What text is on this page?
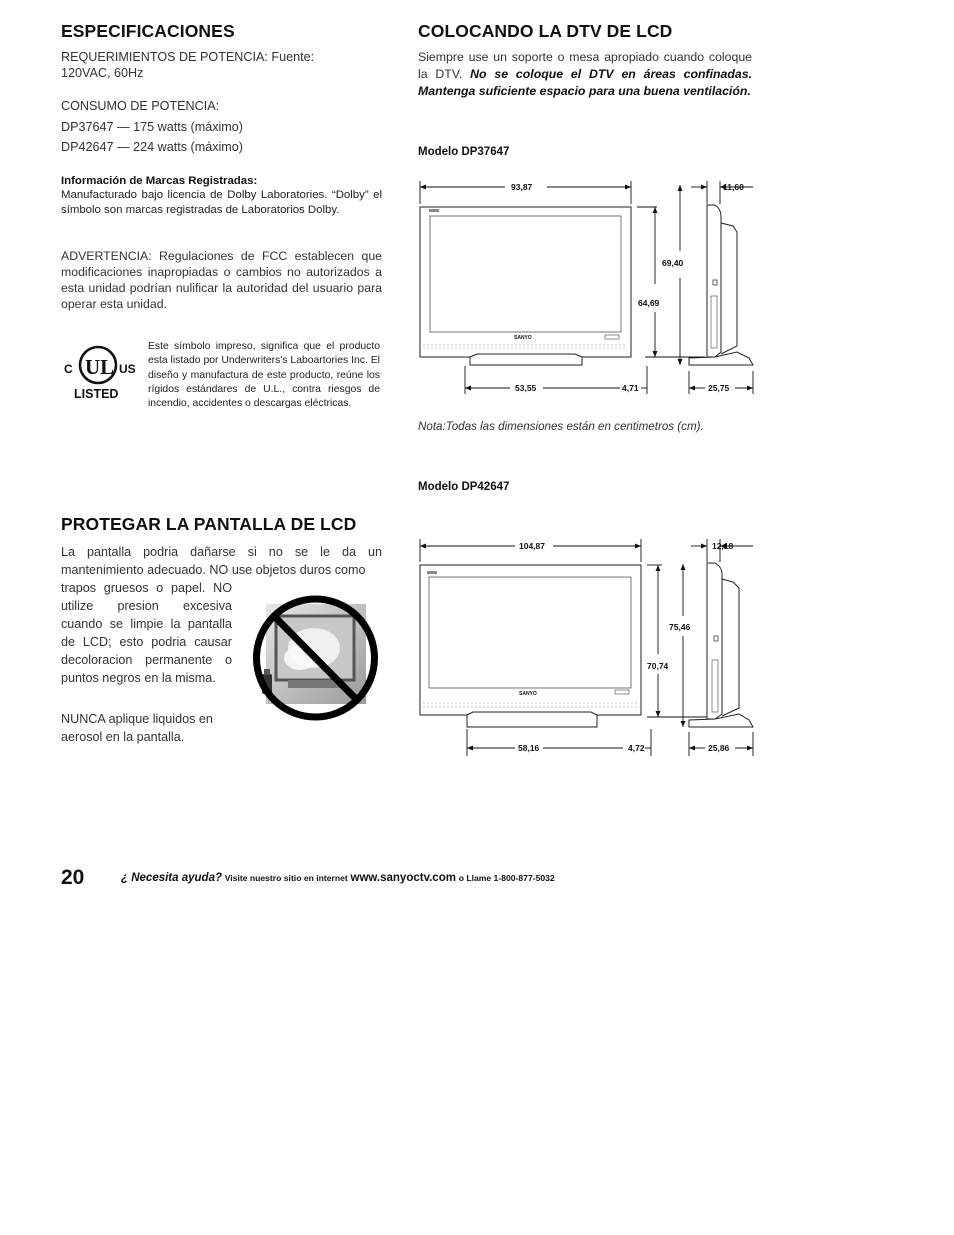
ESPECIFICACIONES
REQUERIMIENTOS DE POTENCIA: Fuente:
120VAC, 60Hz
CONSUMO DE POTENCIA:
DP37647 — 175 watts (máximo)
DP42647 — 224 watts (máximo)
Información de Marcas Registradas:
Manufacturado bajo licencia de Dolby Laboratories. “Dolby” el símbolo son marcas registradas de Laboratorios Dolby.
ADVERTENCIA: Regulaciones de FCC establecen que modificaciones inapropiadas o cambios no autorizados a esta unidad podrían nulificar la autoridad del usuario para operar esta unidad.
UL
C	US
LISTED
Este símbolo impreso, significa que el producto esta listado por Underwriters's Laboartories Inc. El diseño y manufactura de este producto, reúne los rígidos estándares de U.L., contra riesgos de incendio, accidentes o descargas eléctricas.
PROTEGAR LA PANTALLA DE LCD
La pantalla podria dañarse si no se le da un mantenimiento adecuado. NO use objetos duros como
trapos gruesos o papel. NO utilize presion excesiva cuando se limpie la pantalla de LCD; esto podria causar decoloracion permanente o puntos negros en la misma.
NUNCA aplique liquidos en aerosol en la pantalla.
COLOCANDO LA DTV DE LCD
Siempre use un soporte o mesa apropiado cuando coloque la DTV. No se coloque el DTV en áreas confinadas. Mantenga suficiente espacio para una buena ventilación.
Modelo DP37647
93,87
SANYO
64,69
69,40
11,60
53,55	4,71	25,75
Nota:Todas las dimensiones están en centimetros (cm).
Modelo DP42647
104,87
SANYO
70,74
75,46
12,18
58,16	4,72	25,86
20	¿ Necesita ayuda? Visite nuestro sitio en internet www.sanyoctv.com o Llame 1-800-877-5032
